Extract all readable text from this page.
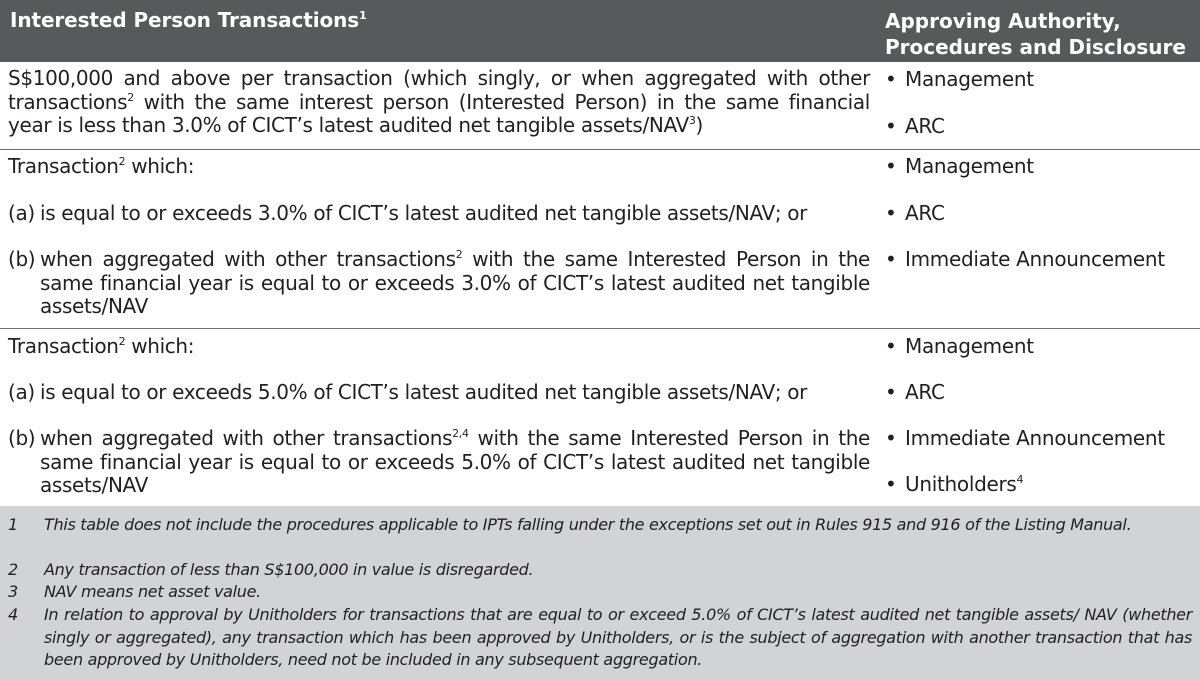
Interested Person Transactions$^1$	Approving Authority,
Procedures and Disclosure
S$100,000 and above per transaction (which singly, or when aggregated with other transactions$^2$ with the same interest person (Interested Person) in the same financial year is less than 3.0% of CICT’s latest audited net tangible assets/NAV$^3$)
• Management
• ARC
Transaction$^2$ which:
(a) is equal to or exceeds 3.0% of CICT’s latest audited net tangible assets/NAV; or
(b) when aggregated with other transactions$^2$ with the same Interested Person in the same financial year is equal to or exceeds 3.0% of CICT’s latest audited net tangible assets/NAV
• Management
• ARC
• Immediate Announcement
Transaction$^2$ which:
(a) is equal to or exceeds 5.0% of CICT’s latest audited net tangible assets/NAV; or
(b) when aggregated with other transactions$^{2,4}$ with the same Interested Person in the same financial year is equal to or exceeds 5.0% of CICT’s latest audited net tangible assets/NAV
• Management
• ARC
• Immediate Announcement
• Unitholders$^4$
1 This table does not include the procedures applicable to IPTs falling under the exceptions set out in Rules 915 and 916 of the Listing Manual.
2 Any transaction of less than S$100,000 in value is disregarded.
3 NAV means net asset value.
4 In relation to approval by Unitholders for transactions that are equal to or exceed 5.0% of CICT’s latest audited net tangible assets/ NAV (whether singly or aggregated), any transaction which has been approved by Unitholders, or is the subject of aggregation with another transaction that has been approved by Unitholders, need not be included in any subsequent aggregation.
